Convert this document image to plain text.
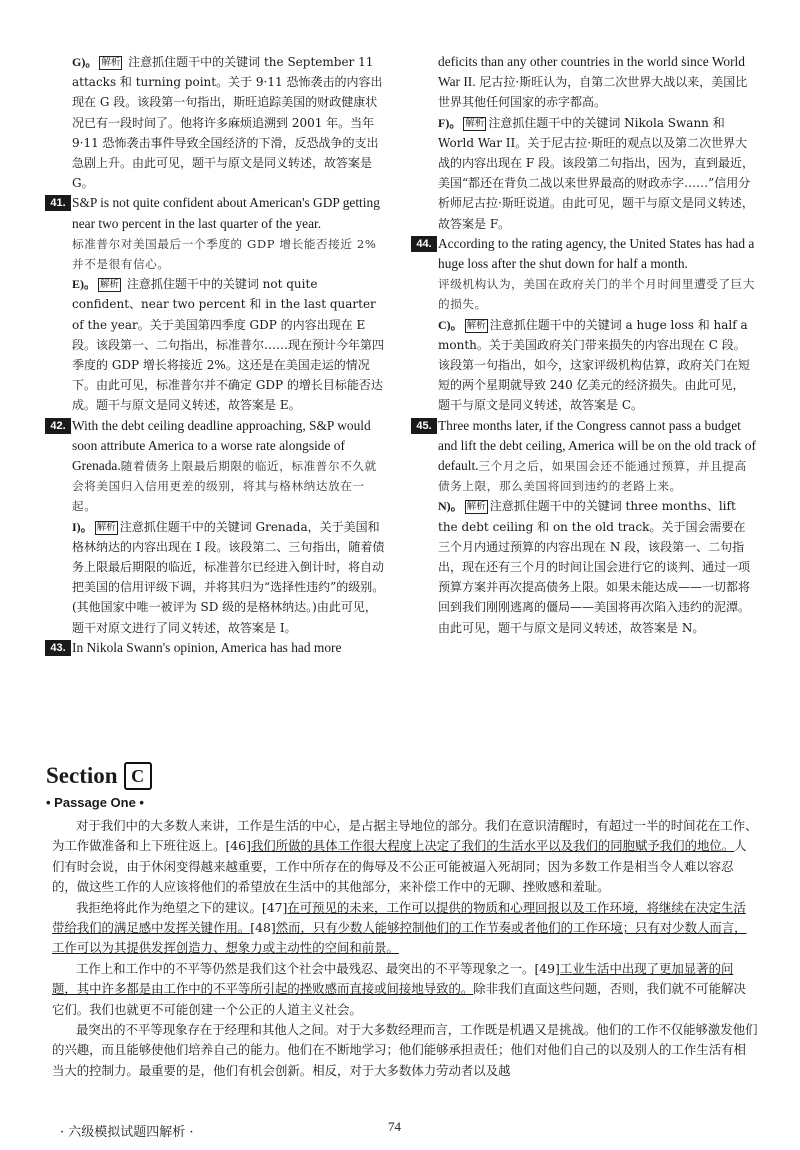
G)。 解析 注意抓住题干中的关键词 the September 11 attacks 和 turning point。关于 9·11 恐怖袭击的内容出现在 G 段。该段第一句指出，斯旺追踪美国的财政健康状况已有一段时间了。他将许多麻烦追溯到 2001 年。当年 9·11 恐怖袭击事件导致全国经济的下滑，反恐战争的支出急剧上升。由此可见，题干与原文是同义转述，故答案是 G。

41. S&P is not quite confident about American's GDP getting near two percent in the last quarter of the year.

标准普尔对美国最后一个季度的 GDP 增长能否接近 2% 并不是很有信心。

E)。 解析 注意抓住题干中的关键词 not quite confident、near two percent 和 in the last quarter of the year。关于美国第四季度 GDP 的内容出现在 E 段。该段第一、二句指出，标准普尔……现在预计今年第四季度的 GDP 增长将接近 2%。这还是在美国走运的情况下。由此可见，标准普尔并不确定 GDP 的增长目标能否达成。题干与原文是同义转述，故答案是 E。

42. With the debt ceiling deadline approaching, S&P would soon attribute America to a worse rate alongside of Grenada.随着债务上限最后期限的临近，标准普尔不久就会将美国归入信用更差的级别，将其与格林纳达放在一起。

I)。 解析 注意抓住题干中的关键词 Grenada，关于美国和格林纳达的内容出现在 I 段。该段第二、三句指出，随着债务上限最后期限的临近，标准普尔已经进入倒计时，将自动把美国的信用评级下调，并将其归为“选择性违约”的级别。(其他国家中唯一被评为 SD 级的是格林纳达。)由此可见，题干对原文进行了同义转述，故答案是 I。

43. In Nikola Swann's opinion, America has had more

deficits than any other countries in the world since World War II. 尼古拉·斯旺认为，自第二次世界大战以来，美国比世界其他任何国家的赤字都高。

F)。 解析 注意抓住题干中的关键词 Nikola Swann 和 World War II。关于尼古拉·斯旺的观点以及第二次世界大战的内容出现在 F 段。该段第二句指出，因为，直到最近，美国“都还在背负二战以来世界最高的财政赤字……”信用分析师尼古拉·斯旺说道。由此可见，题干与原文是同义转述，故答案是 F。

44. According to the rating agency, the United States has had a huge loss after the shut down for half a month.

评级机构认为，美国在政府关门的半个月时间里遭受了巨大的损失。

C)。 解析 注意抓住题干中的关键词 a huge loss 和 half a month。关于美国政府关门带来损失的内容出现在 C 段。该段第一句指出，如今，这家评级机构估算，政府关门在短短的两个星期就导致 240 亿美元的经济损失。由此可见，题干与原文是同义转述，故答案是 C。

45. Three months later, if the Congress cannot pass a budget and lift the debt ceiling, America will be on the old track of default.三个月之后，如果国会还不能通过预算，并且提高债务上限，那么美国将回到违约的老路上来。

N)。 解析 注意抓住题干中的关键词 three months、lift the debt ceiling 和 on the old track。关于国会需要在三个月内通过预算的内容出现在 N 段，该段第一、二句指出，现在还有三个月的时间让国会进行它的谈判、通过一项预算方案并再次提高债务上限。如果未能达成——一切都将回到我们刚刚逃离的僵局——美国将再次陷入违约的泥潭。由此可见，题干与原文是同义转述，故答案是 N。

Section C
• Passage One •

对于我们中的大多数人来讲，工作是生活的中心，是占据主导地位的部分。我们在意识清醒时，有超过一半的时间花在工作、为工作做准备和上下班往返上。[46]我们所做的具体工作很大程度上决定了我们的生活水平以及我们的同胞赋予我们的地位。人们有时会说，由于休闲变得越来越重要，工作中所存在的侮辱及不公正可能被逼入死胡同；因为多数工作是相当令人难以容忍的，做这些工作的人应该将他们的希望放在生活中的其他部分，来补偿工作中的无聊、挫败感和羞耻。

我拒绝将此作为绝望之下的建议。[47]在可预见的未来，工作可以提供的物质和心理回报以及工作环境，将继续在决定生活带给我们的满足感中发挥关键作用。[48]然而，只有少数人能够控制他们的工作节奏或者他们的工作环境；只有对少数人而言，工作可以为其提供发挥创造力、想象力或主动性的空间和前景。

工作上和工作中的不平等仍然是我们这个社会中最残忍、最突出的不平等现象之一。[49]工业生活中出现了更加显著的问题，其中许多都是由工作中的不平等所引起的挫败感而直接或间接地导致的。除非我们直面这些问题，否则，我们就不可能解决它们。我们也就更不可能创建一个公正的人道主义社会。

最突出的不平等现象存在于经理和其他人之间。对于大多数经理而言，工作既是机遇又是挑战。他们的工作不仅能够激发他们的兴趣，而且能够使他们培养自己的能力。他们在不断地学习；他们能够承担责任；他们对他们自己的以及别人的工作生活有相当大的控制力。最重要的是，他们有机会创新。相反，对于大多数体力劳动者以及越

· 六级模拟试题四解析 ·	74
